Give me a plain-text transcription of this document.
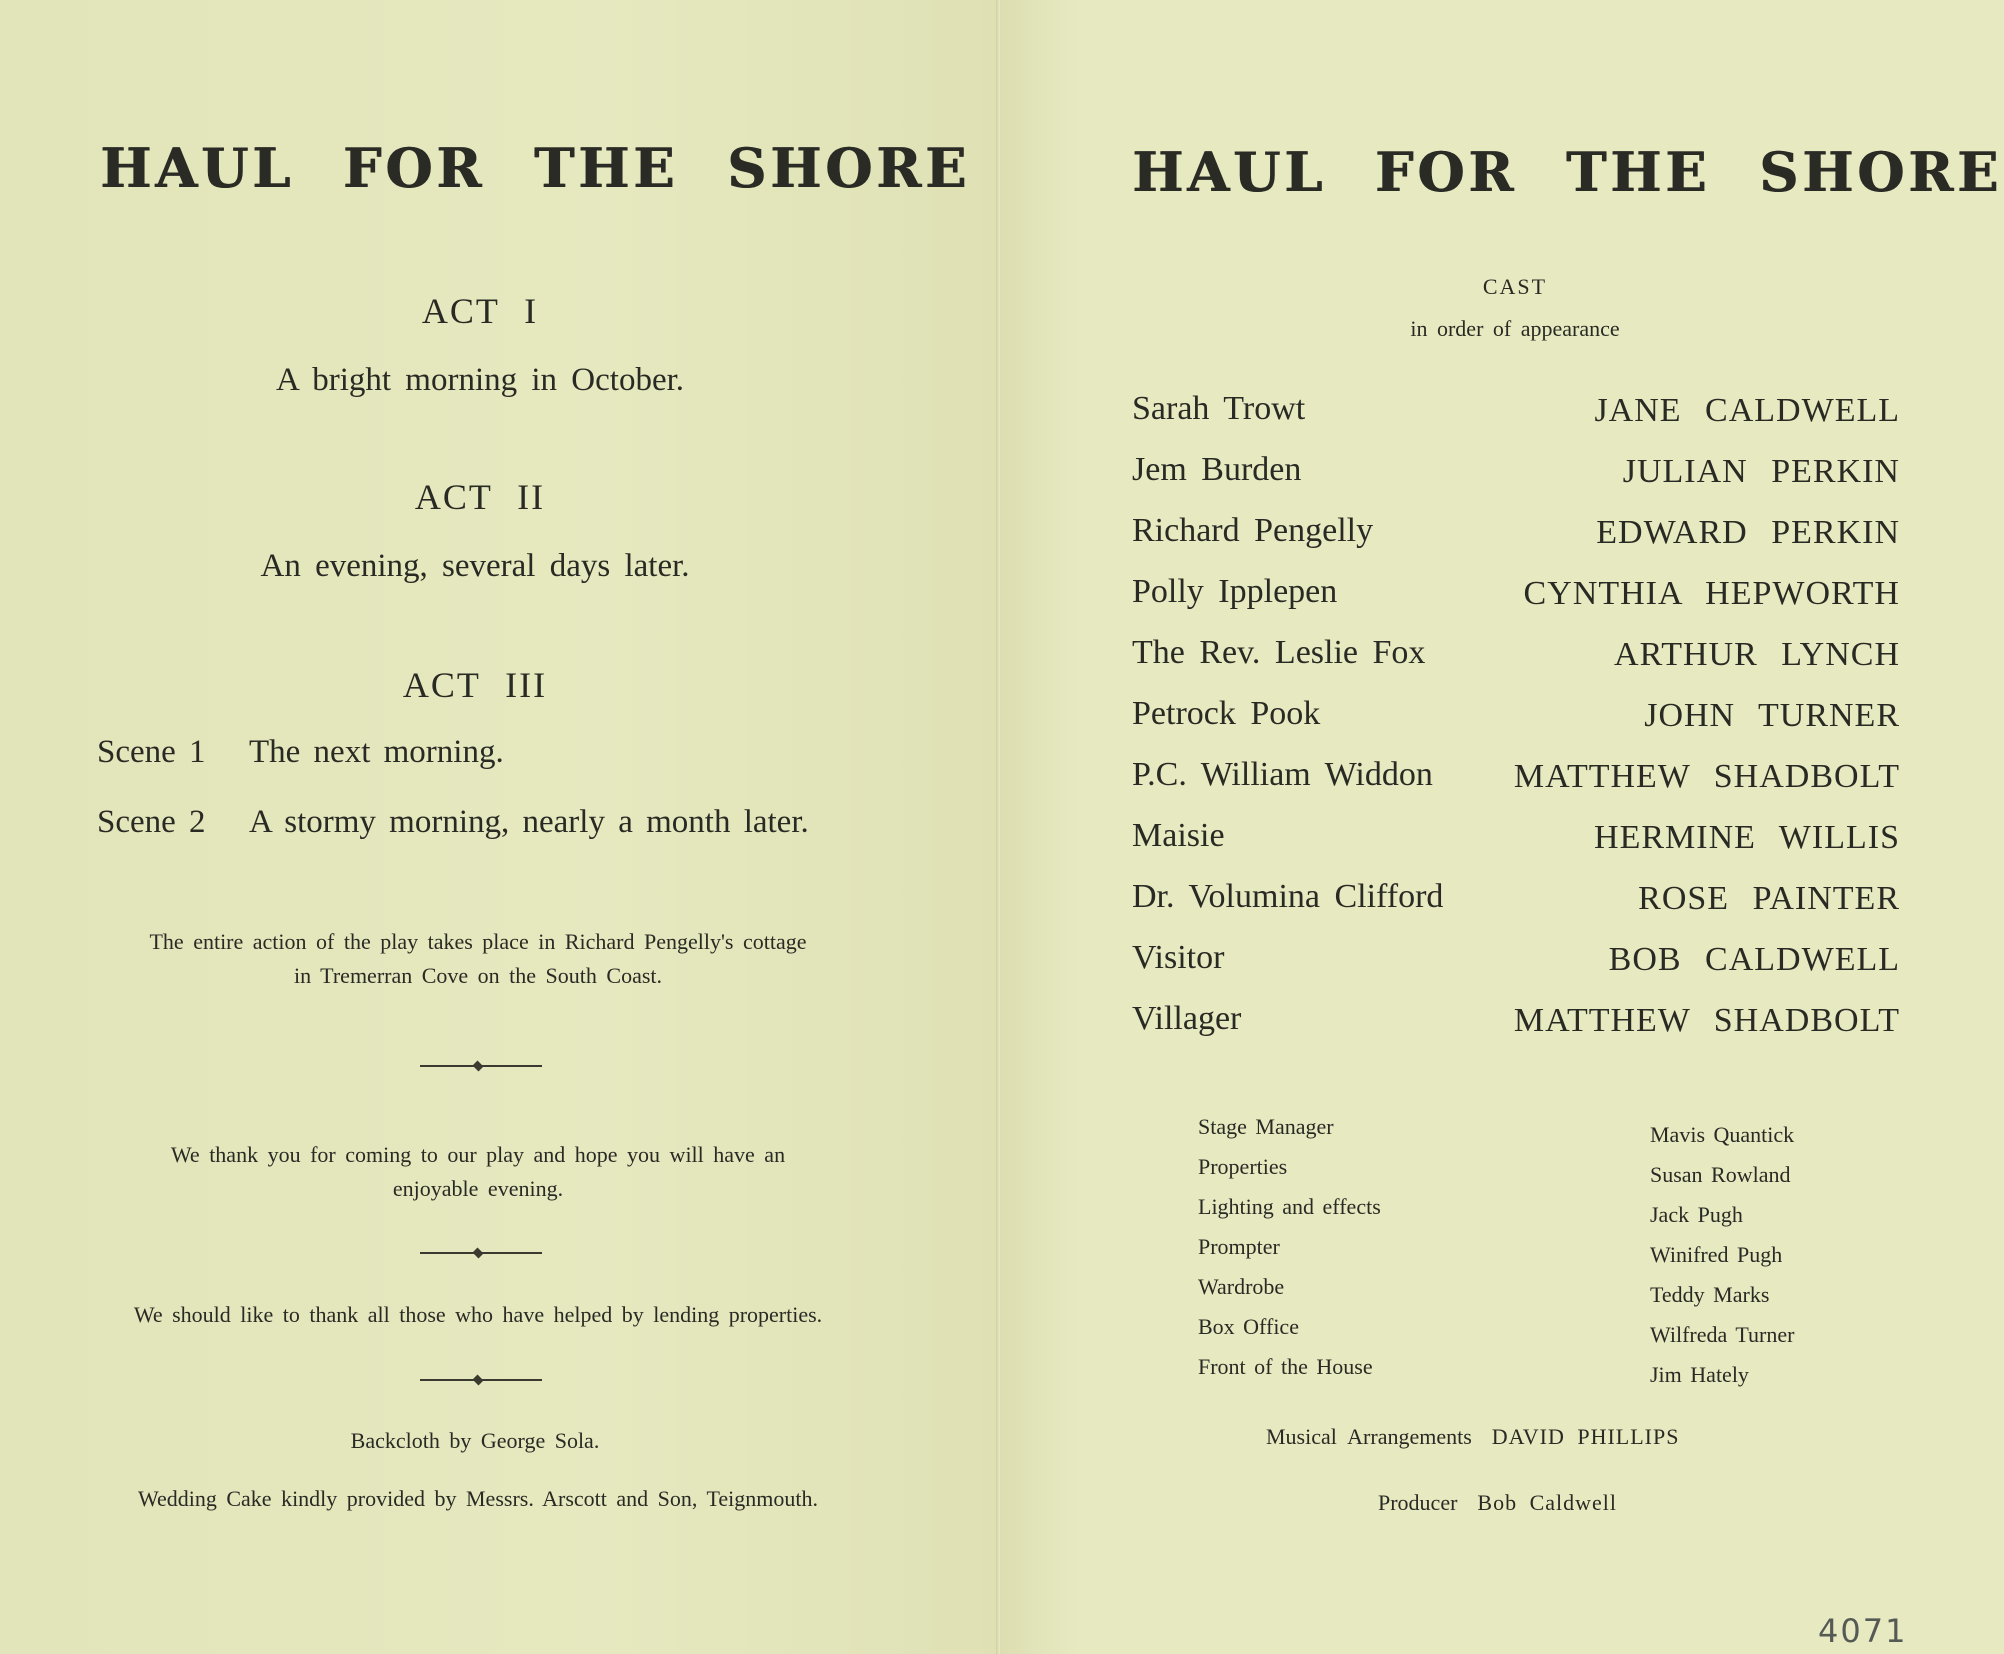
HAUL FOR THE SHORE
ACT I
A bright morning in October.
ACT II
An evening, several days later.
ACT III
Scene 1 The next morning.
Scene 2 A stormy morning, nearly a month later.
The entire action of the play takes place in Richard Pengelly's cottage
in Tremerran Cove on the South Coast.
We thank you for coming to our play and hope you will have an
enjoyable evening.
We should like to thank all those who have helped by lending properties.
Backcloth by George Sola.
Wedding Cake kindly provided by Messrs. Arscott and Son, Teignmouth.
HAUL FOR THE SHORE
CAST
in order of appearance
Sarah Trowt	JANE CALDWELL
Jem Burden	JULIAN PERKIN
Richard Pengelly	EDWARD PERKIN
Polly Ipplepen	CYNTHIA HEPWORTH
The Rev. Leslie Fox	ARTHUR LYNCH
Petrock Pook	JOHN TURNER
P.C. William Widdon MATTHEW SHADBOLT
Maisie	HERMINE WILLIS
Dr. Volumina Clifford	ROSE PAINTER
Visitor	BOB CALDWELL
Villager	MATTHEW SHADBOLT
Stage Manager	Mavis Quantick
Properties	Susan Rowland
Lighting and effects	Jack Pugh
Prompter	Winifred Pugh
Wardrobe	Teddy Marks
Box Office	Wilfreda Turner
Front of the House	Jim Hately
Musical Arrangements DAVID PHILLIPS
Producer Bob Caldwell
4071
